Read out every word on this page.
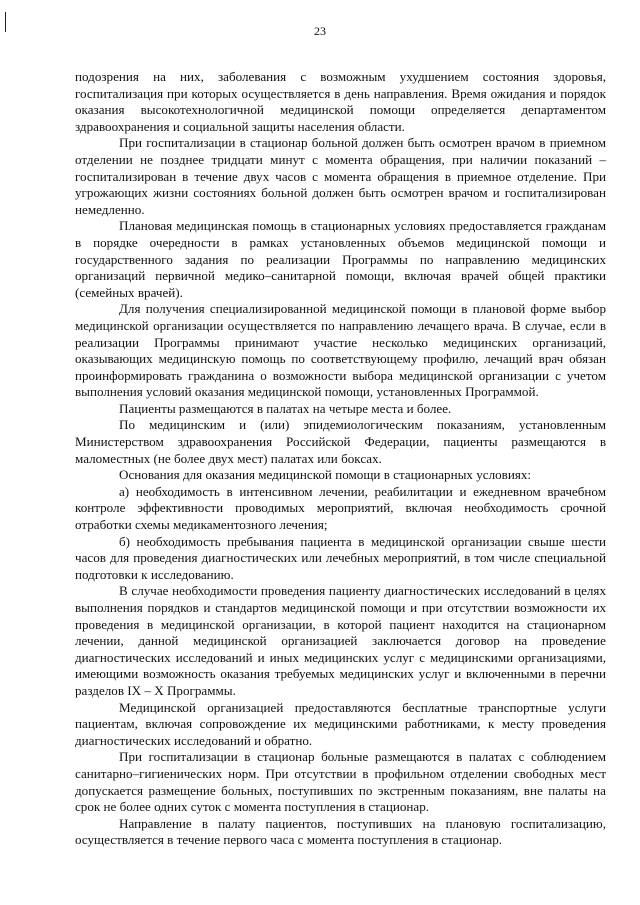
23

подозрения на них, заболевания с возможным ухудшением состояния здоровья, госпитализация при которых осуществляется в день направления. Время ожидания и порядок оказания высокотехнологичной медицинской помощи определяется департаментом здравоохранения и социальной защиты населения области.

При госпитализации в стационар больной должен быть осмотрен врачом в приемном отделении не позднее тридцати минут с момента обращения, при наличии показаний – госпитализирован в течение двух часов с момента обращения в приемное отделение. При угрожающих жизни состояниях больной должен быть осмотрен врачом и госпитализирован немедленно.

Плановая медицинская помощь в стационарных условиях предоставляется гражданам в порядке очередности в рамках установленных объемов медицинской помощи и государственного задания по реализации Программы по направлению медицинских организаций первичной медико–санитарной помощи, включая врачей общей практики (семейных врачей).

Для получения специализированной медицинской помощи в плановой форме выбор медицинской организации осуществляется по направлению лечащего врача. В случае, если в реализации Программы принимают участие несколько медицинских организаций, оказывающих медицинскую помощь по соответствующему профилю, лечащий врач обязан проинформировать гражданина о возможности выбора медицинской организации с учетом выполнения условий оказания медицинской помощи, установленных Программой.

Пациенты размещаются в палатах на четыре места и более.

По медицинским и (или) эпидемиологическим показаниям, установленным Министерством здравоохранения Российской Федерации, пациенты размещаются в маломестных (не более двух мест) палатах или боксах.

Основания для оказания медицинской помощи в стационарных условиях:

а) необходимость в интенсивном лечении, реабилитации и ежедневном врачебном контроле эффективности проводимых мероприятий, включая необходимость срочной отработки схемы медикаментозного лечения;

б) необходимость пребывания пациента в медицинской организации свыше шести часов для проведения диагностических или лечебных мероприятий, в том числе специальной подготовки к исследованию.

В случае необходимости проведения пациенту диагностических исследований в целях выполнения порядков и стандартов медицинской помощи и при отсутствии возможности их проведения в медицинской организации, в которой пациент находится на стационарном лечении, данной медицинской организацией заключается договор на проведение диагностических исследований и иных медицинских услуг с медицинскими организациями, имеющими возможность оказания требуемых медицинских услуг и включенными в перечни разделов IX – X Программы.

Медицинской организацией предоставляются бесплатные транспортные услуги пациентам, включая сопровождение их медицинскими работниками, к месту проведения диагностических исследований и обратно.

При госпитализации в стационар больные размещаются в палатах с соблюдением санитарно–гигиенических норм. При отсутствии в профильном отделении свободных мест допускается размещение больных, поступивших по экстренным показаниям, вне палаты на срок не более одних суток с момента поступления в стационар.

Направление в палату пациентов, поступивших на плановую госпитализацию, осуществляется в течение первого часа с момента поступления в стационар.
